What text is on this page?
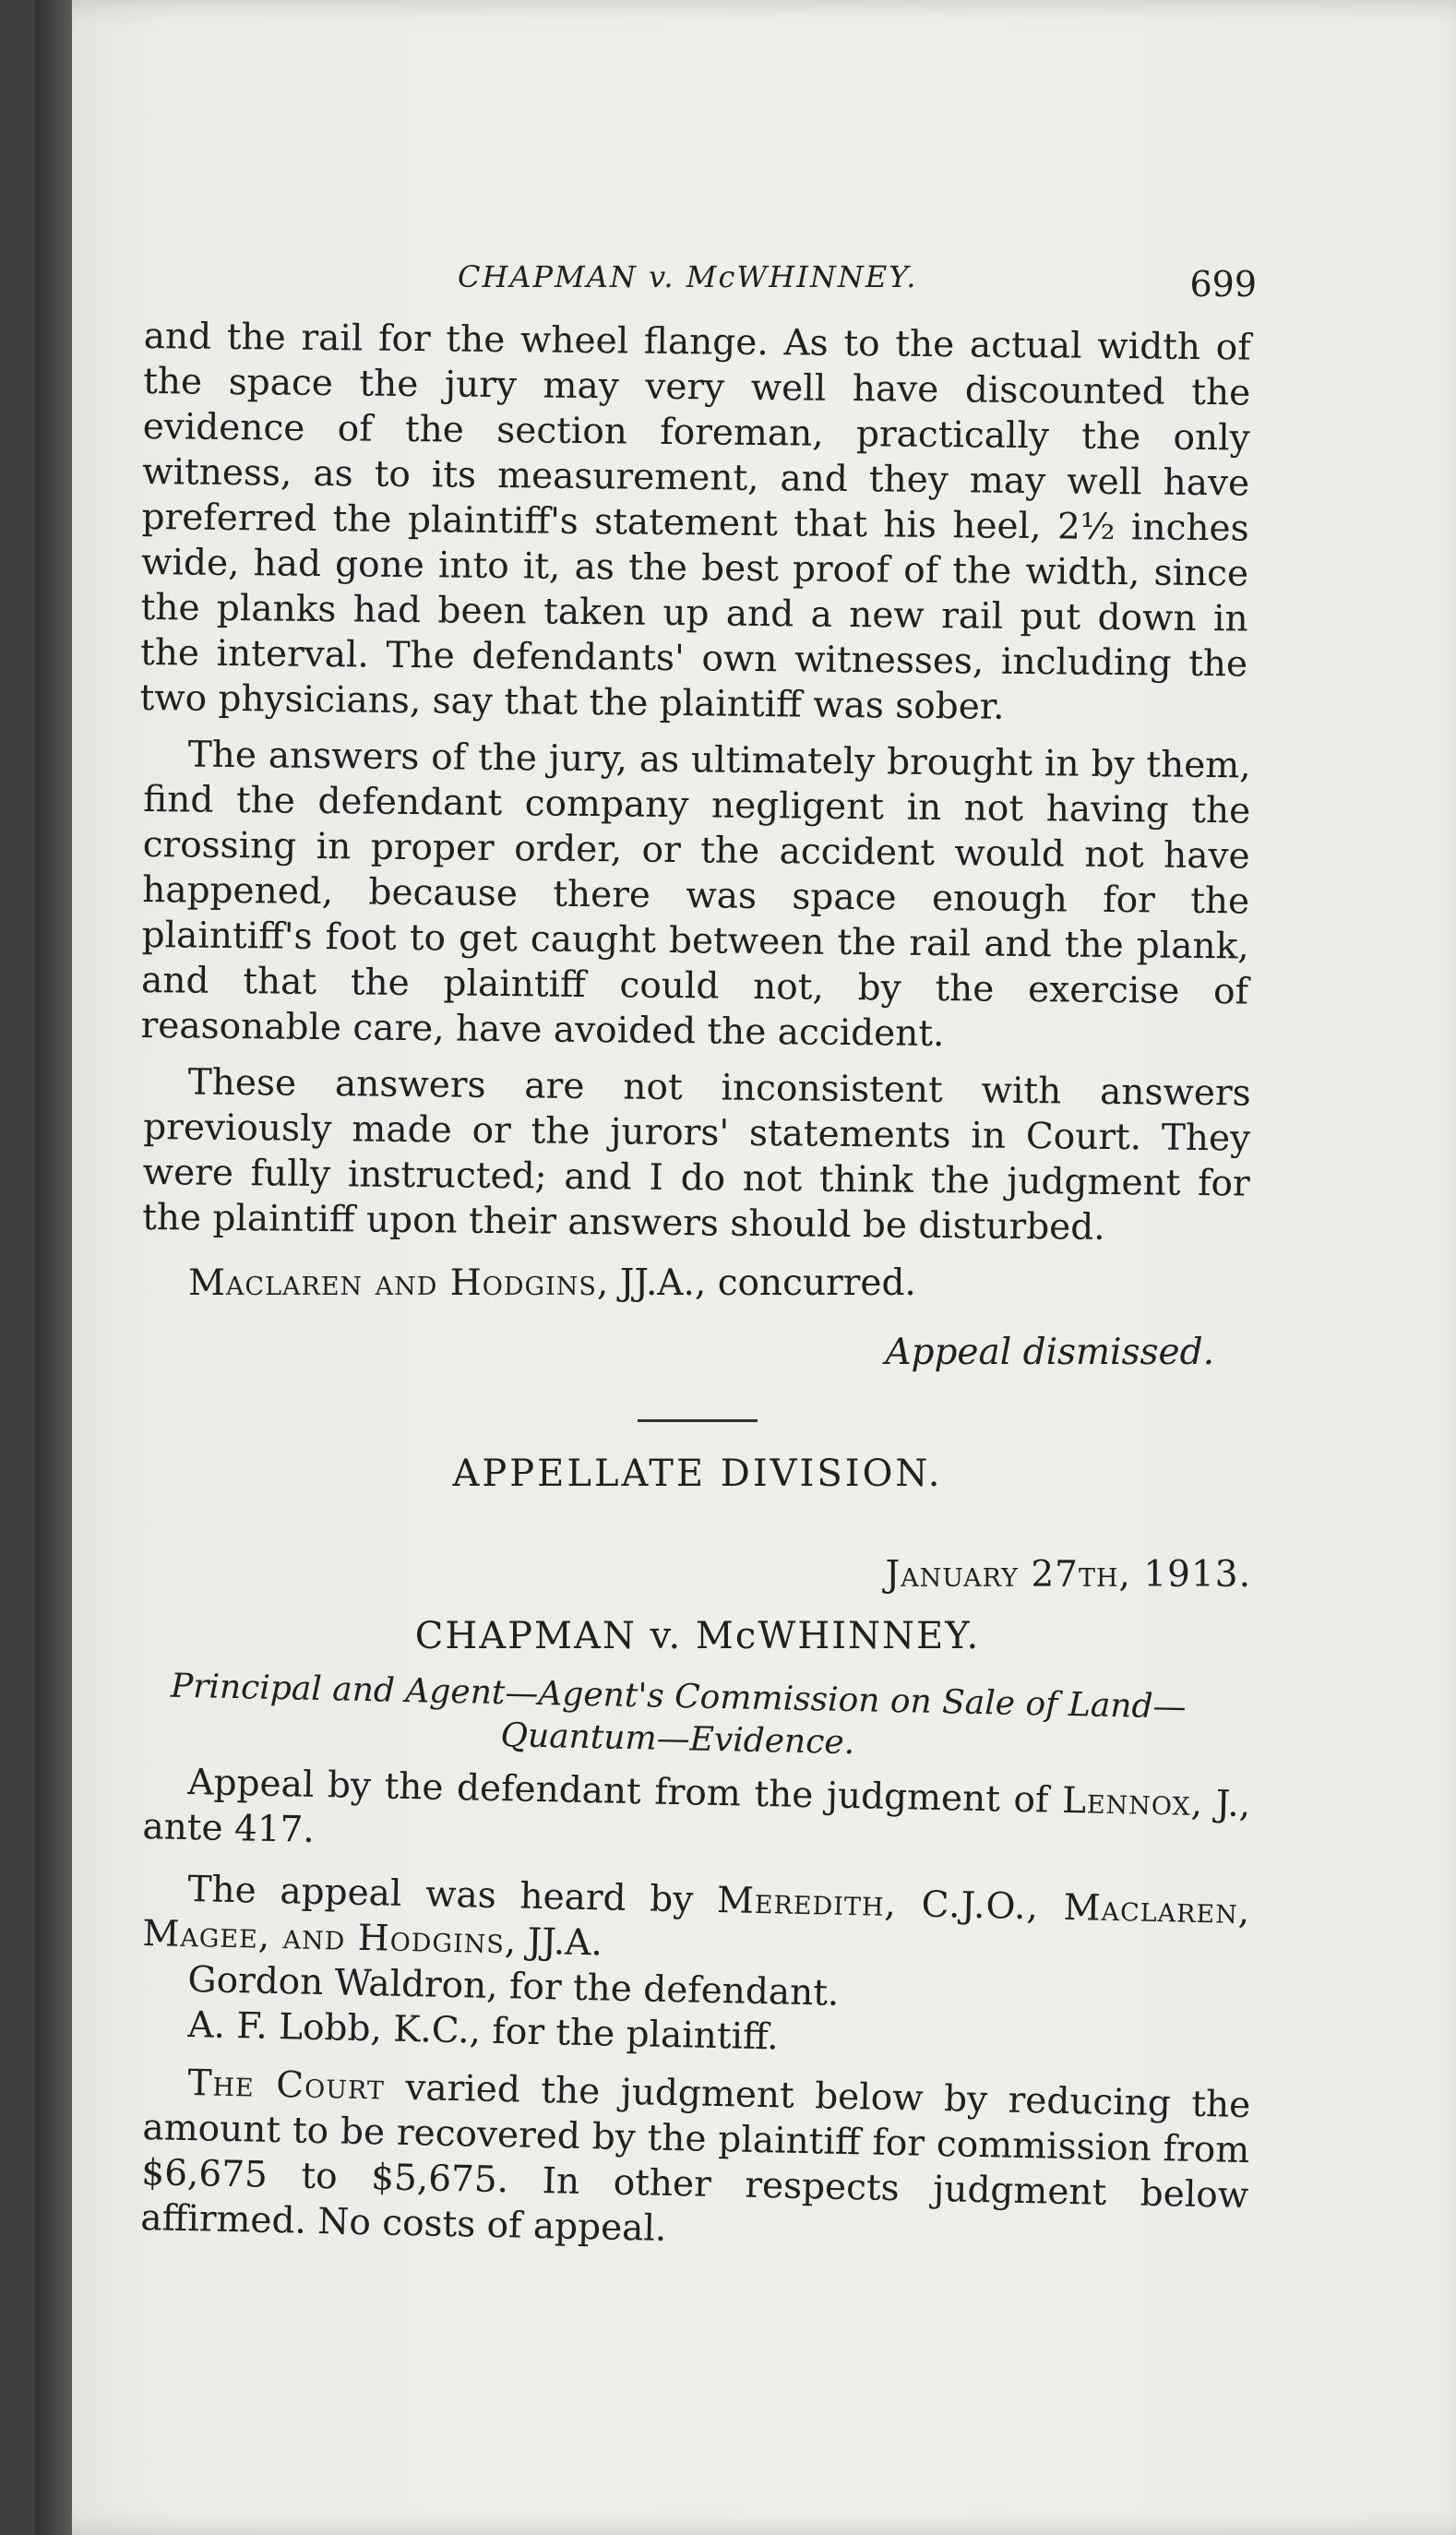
CHAPMAN v. McWHINNEY.	699

and the rail for the wheel flange. As to the actual width of the space the jury may very well have discounted the evidence of the section foreman, practically the only witness, as to its measurement, and they may well have preferred the plaintiff's statement that his heel, 2½ inches wide, had gone into it, as the best proof of the width, since the planks had been taken up and a new rail put down in the interval. The defendants' own witnesses, including the two physicians, say that the plaintiff was sober.

The answers of the jury, as ultimately brought in by them, find the defendant company negligent in not having the crossing in proper order, or the accident would not have happened, because there was space enough for the plaintiff's foot to get caught between the rail and the plank, and that the plaintiff could not, by the exercise of reasonable care, have avoided the accident.

These answers are not inconsistent with answers previously made or the jurors' statements in Court. They were fully instructed; and I do not think the judgment for the plaintiff upon their answers should be disturbed.

Maclaren and Hodgins, JJ.A., concurred.

Appeal dismissed.

APPELLATE DIVISION.

January 27th, 1913.

CHAPMAN v. McWHINNEY.

Principal and Agent—Agent's Commission on Sale of Land—Quantum—Evidence.

Appeal by the defendant from the judgment of Lennox, J., ante 417.

The appeal was heard by Meredith, C.J.O., Maclaren, Magee, and Hodgins, JJ.A.

Gordon Waldron, for the defendant.

A. F. Lobb, K.C., for the plaintiff.

The Court varied the judgment below by reducing the amount to be recovered by the plaintiff for commission from $6,675 to $5,675. In other respects judgment below affirmed. No costs of appeal.
